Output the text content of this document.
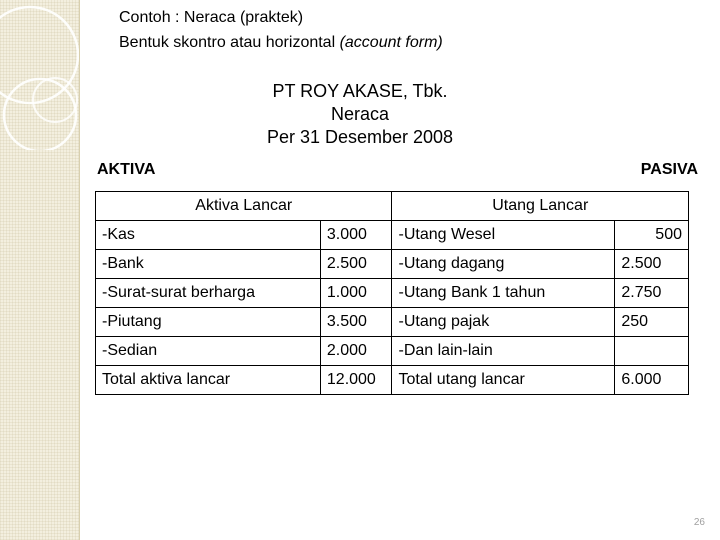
Contoh : Neraca (praktek)
Bentuk skontro atau horizontal (account form)
PT ROY AKASE, Tbk.
Neraca
Per 31 Desember 2008
AKTIVA	PASIVA
Aktiva Lancar		Utang Lancar	
-Kas	3.000	-Utang Wesel	500
-Bank	2.500	-Utang dagang	2.500
-Surat-surat berharga	1.000	-Utang Bank 1 tahun	2.750
-Piutang	3.500	-Utang pajak	250
-Sedian	2.000	-Dan lain-lain	
Total aktiva lancar	12.000	Total utang lancar	6.000
26
